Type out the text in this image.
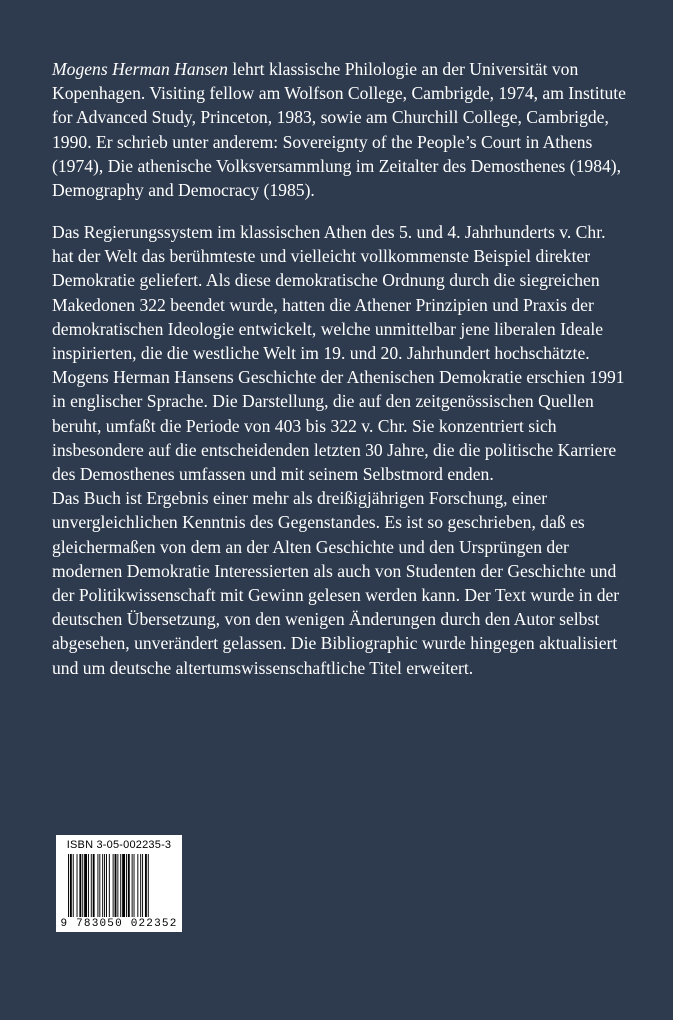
Mogens Herman Hansen lehrt klassische Philologie an der Universität von
Kopenhagen. Visiting fellow am Wolfson College, Cambrigde, 1974, am Institute
for Advanced Study, Princeton, 1983, sowie am Churchill College, Cambrigde,
1990. Er schrieb unter anderem: Sovereignty of the People’s Court in Athens
(1974), Die athenische Volksversammlung im Zeitalter des Demosthenes (1984),
Demography and Democracy (1985).
Das Regierungssystem im klassischen Athen des 5. und 4. Jahrhunderts v. Chr.
hat der Welt das berühmteste und vielleicht vollkommenste Beispiel direkter
Demokratie geliefert. Als diese demokratische Ordnung durch die siegreichen
Makedonen 322 beendet wurde, hatten die Athener Prinzipien und Praxis der
demokratischen Ideologie entwickelt, welche unmittelbar jene liberalen Ideale
inspirierten, die die westliche Welt im 19. und 20. Jahrhundert hochschätzte.
Mogens Herman Hansens Geschichte der Athenischen Demokratie erschien 1991
in englischer Sprache. Die Darstellung, die auf den zeitgenössischen Quellen
beruht, umfaßt die Periode von 403 bis 322 v. Chr. Sie konzentriert sich
insbesondere auf die entscheidenden letzten 30 Jahre, die die politische Karriere
des Demosthenes umfassen und mit seinem Selbstmord enden.
Das Buch ist Ergebnis einer mehr als dreißigjährigen Forschung, einer
unvergleichlichen Kenntnis des Gegenstandes. Es ist so geschrieben, daß es
gleichermaßen von dem an der Alten Geschichte und den Ursprüngen der
modernen Demokratie Interessierten als auch von Studenten der Geschichte und
der Politikwissenschaft mit Gewinn gelesen werden kann. Der Text wurde in der
deutschen Übersetzung, von den wenigen Änderungen durch den Autor selbst
abgesehen, unverändert gelassen. Die Bibliographic wurde hingegen aktualisiert
und um deutsche altertumswissenschaftliche Titel erweitert.
ISBN 3-05-002235-3
9 783050 022352
